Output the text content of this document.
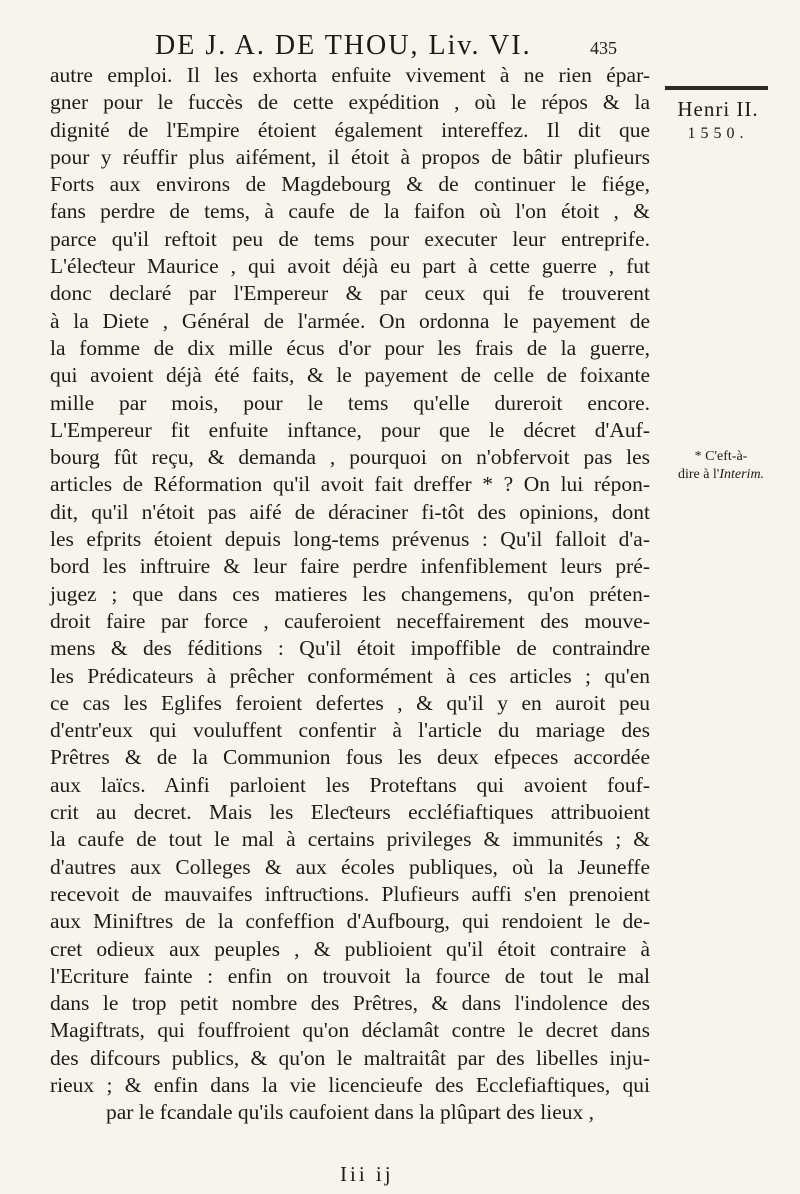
DE J. A. DE THOU, Liv. VI.	435
Henri II.
1550.
* C'eft-à-
dire à l'Interim.
autre emploi. Il les exhorta enfuite vivement à ne rien épar-
gner pour le fuccès de cette expédition , où le répos & la
dignité de l'Empire étoient également intereffez. Il dit que
pour y réuffir plus aifément, il étoit à propos de bâtir plufieurs
Forts aux environs de Magdebourg & de continuer le fiége,
fans perdre de tems, à caufe de la faifon où l'on étoit , &
parce qu'il reftoit peu de tems pour executer leur entreprife.
L'éleƈteur Maurice , qui avoit déjà eu part à cette guerre , fut
donc declaré par l'Empereur & par ceux qui fe trouverent
à la Diete , Général de l'armée. On ordonna le payement de
la fomme de dix mille écus d'or pour les frais de la guerre,
qui avoient déjà été faits, & le payement de celle de foixante
mille par mois, pour le tems qu'elle dureroit encore.
L'Empereur fit enfuite inftance, pour que le décret d'Auf-
bourg fût reçu, & demanda , pourquoi on n'obfervoit pas les
articles de Réformation qu'il avoit fait dreffer * ? On lui répon-
dit, qu'il n'étoit pas aifé de déraciner fi-tôt des opinions, dont
les efprits étoient depuis long-tems prévenus : Qu'il falloit d'a-
bord les inftruire & leur faire perdre infenfiblement leurs pré-
jugez ; que dans ces matieres les changemens, qu'on préten-
droit faire par force , cauferoient neceffairement des mouve-
mens & des féditions : Qu'il étoit impoffible de contraindre
les Prédicateurs à prêcher conformément à ces articles ; qu'en
ce cas les Eglifes feroient defertes , & qu'il y en auroit peu
d'entr'eux qui vouluffent confentir à l'article du mariage des
Prêtres & de la Communion fous les deux efpeces accordée
aux laïcs. Ainfi parloient les Proteftans qui avoient fouf-
crit au decret. Mais les Eleƈteurs eccléfiaftiques attribuoient
la caufe de tout le mal à certains privileges & immunités ; &
d'autres aux Colleges & aux écoles publiques, où la Jeuneffe
recevoit de mauvaifes inftruƈtions. Plufieurs auffi s'en prenoient
aux Miniftres de la confeffion d'Aufbourg, qui rendoient le de-
cret odieux aux peuples , & publioient qu'il étoit contraire à
l'Ecriture fainte : enfin on trouvoit la fource de tout le mal
dans le trop petit nombre des Prêtres, & dans l'indolence des
Magiftrats, qui fouffroient qu'on déclamât contre le decret dans
des difcours publics, & qu'on le maltraitât par des libelles inju-
rieux ; & enfin dans la vie licencieufe des Ecclefiaftiques, qui
par le fcandale qu'ils caufoient dans la plûpart des lieux ,
Iii ij
